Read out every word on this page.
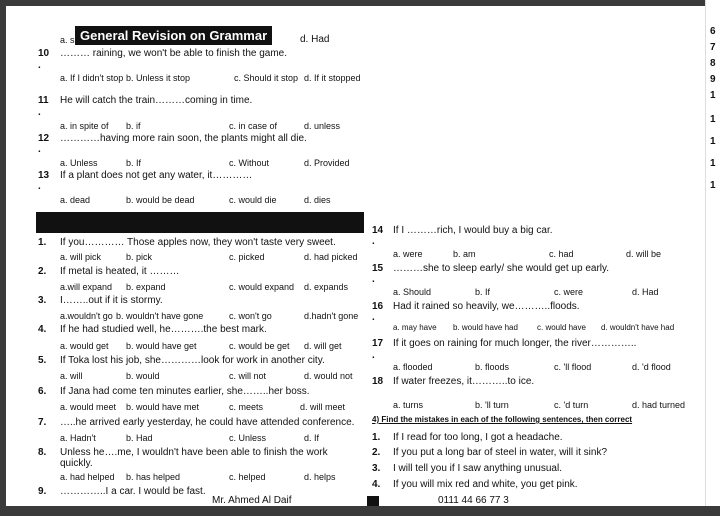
6
7
8
9
1
1
1
1
1
a. s	d. Had
General Revision on Grammar
10 ……… raining, we won't be able to finish the game.
.
a. If I didn't stop b. Unless it stop	c. Should it stop d. If it stopped
11 He will catch the train………coming in time.
.
a. in spite of b. if	c. in case of	d. unless
12 …………having more rain soon, the plants might all die.
.
a. Unless	b. If	c. Without	d. Provided
13 If a plant does not get any water, it…………
.
a. dead	b. would be dead	c. would die	d. dies
1. If you………… Those apples now, they won't taste very sweet.
a. will pick	b. pick	c. picked	d. had picked
2. If metal is heated, it ………
a.will expand b. expand	c. would expand d. expands
3. I……..out if it is stormy.
a.wouldn't go b. wouldn't have gone	c. won't go	d.hadn't gone
4. If he had studied well, he……….the best mark.
a. would get b. would have get	c. would be get d. will get
5. If Toka lost his job, she…………look for work in another city.
a. will	b. would	c. will not	d. would not
6. If Jana had come ten minutes earlier, she……..her boss.
a. would meet b. would have met	c. meets	d. will meet
7. …..he arrived early yesterday, he could have attended conference.
a. Hadn't	b. Had	c. Unless	d. If
8. Unless he….me, I wouldn't have been able to finish the work
quickly.
a. had helped b. has helped	c. helped	d. helps
9. …………..I a car. I would be fast.
14 If I ………rich, I would buy a big car.
.
a. were	b. am	c. had	d. will be
15 ………she to sleep early/ she would get up early.
.
a. Should	b. If	c. were	d. Had
16 Had it rained so heavily, we………..floods.
.
a. may have b. would have had c. would have d. wouldn't have had
17 If it goes on raining for much longer, the river…………..
.
a. flooded	b. floods	c. 'll flood	d. 'd flood
18 If water freezes, it………..to ice.
a. turns	b. 'll turn	c. 'd turn	d. had turned
4) Find the mistakes in each of the following sentences, then correct
1. If I read for too long, I got a headache.
2. If you put a long bar of steel in water, will it sink?
3. I will tell you if I saw anything unusual.
4. If you will mix red and white, you get pink.
Mr. Ahmed Al Daif	0111 44 66 77 3
